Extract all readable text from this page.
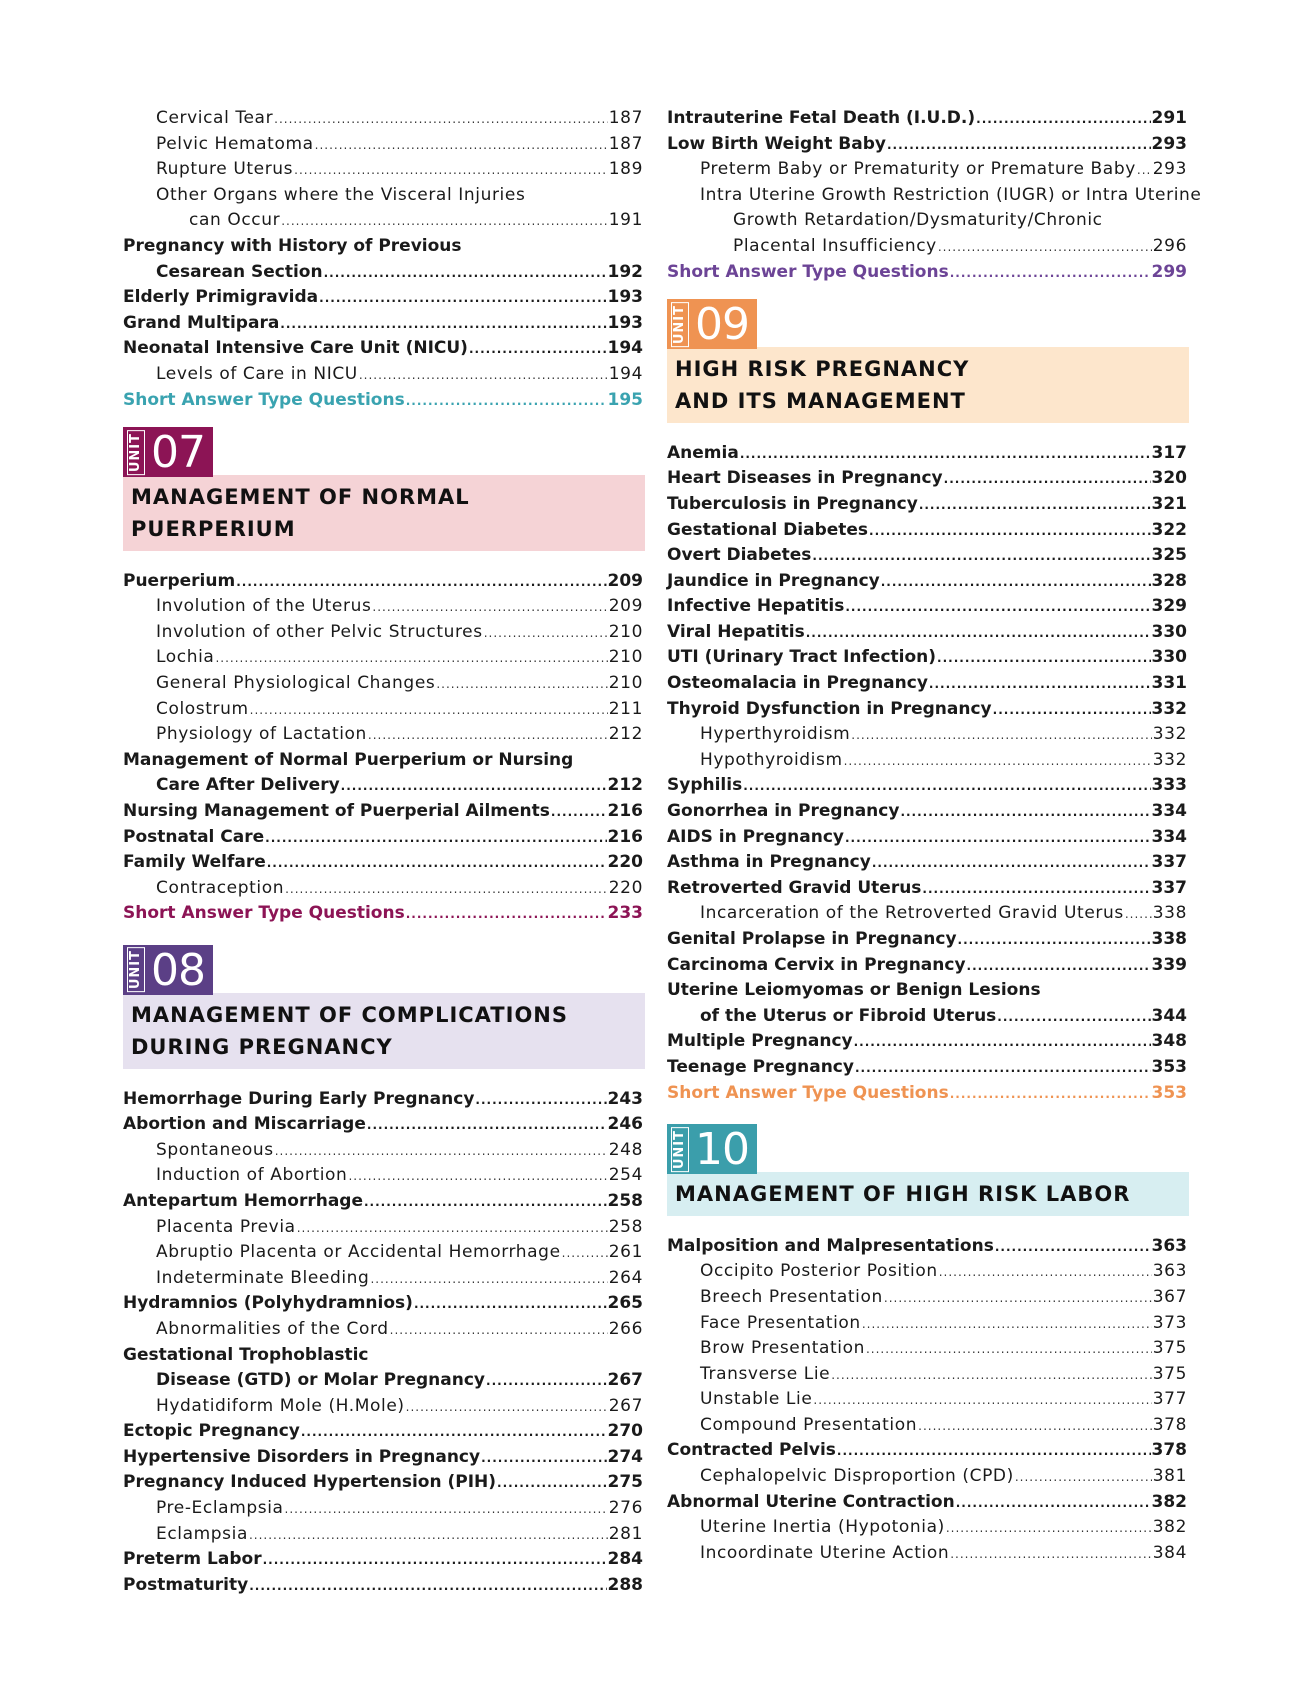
Cervical Tear .....	187
Pelvic Hematoma .....	187
Rupture Uterus .....	189
Other Organs where the Visceral Injuries
can Occur .....	191
Pregnancy with History of Previous
Cesarean Section .....	192
Elderly Primigravida .....	193
Grand Multipara .....	193
Neonatal Intensive Care Unit (NICU) .....	194
Levels of Care in NICU .....	194
Short Answer Type Questions .....	195
UNIT 07
MANAGEMENT OF NORMAL PUERPERIUM
Puerperium .....	209
Involution of the Uterus .....	209
Involution of other Pelvic Structures .....	210
Lochia .....	210
General Physiological Changes .....	210
Colostrum .....	211
Physiology of Lactation .....	212
Management of Normal Puerperium or Nursing
Care After Delivery .....	212
Nursing Management of Puerperial Ailments .....	216
Postnatal Care .....	216
Family Welfare .....	220
Contraception .....	220
Short Answer Type Questions .....	233
UNIT 08
MANAGEMENT OF COMPLICATIONS
DURING PREGNANCY
Hemorrhage During Early Pregnancy .....	243
Abortion and Miscarriage .....	246
Spontaneous .....	248
Induction of Abortion .....	254
Antepartum Hemorrhage .....	258
Placenta Previa .....	258
Abruptio Placenta or Accidental Hemorrhage .....	261
Indeterminate Bleeding .....	264
Hydramnios (Polyhydramnios) .....	265
Abnormalities of the Cord .....	266
Gestational Trophoblastic
Disease (GTD) or Molar Pregnancy .....	267
Hydatidiform Mole (H.Mole) .....	267
Ectopic Pregnancy .....	270
Hypertensive Disorders in Pregnancy .....	274
Pregnancy Induced Hypertension (PIH) .....	275
Pre-Eclampsia .....	276
Eclampsia .....	281
Preterm Labor .....	284
Postmaturity .....	288
Intrauterine Fetal Death (I.U.D.) .....	291
Low Birth Weight Baby .....	293
Preterm Baby or Prematurity or Premature Baby ..... 293
Intra Uterine Growth Restriction (IUGR) or Intra Uterine
Growth Retardation/Dysmaturity/Chronic
Placental Insufficiency .....	296
Short Answer Type Questions .....	299
UNIT 09
HIGH RISK PREGNANCY
AND ITS MANAGEMENT
Anemia .....	317
Heart Diseases in Pregnancy .....	320
Tuberculosis in Pregnancy .....	321
Gestational Diabetes .....	322
Overt Diabetes .....	325
Jaundice in Pregnancy .....	328
Infective Hepatitis .....	329
Viral Hepatitis .....	330
UTI (Urinary Tract Infection) .....	330
Osteomalacia in Pregnancy .....	331
Thyroid Dysfunction in Pregnancy .....	332
Hyperthyroidism .....	332
Hypothyroidism .....	332
Syphilis .....	333
Gonorrhea in Pregnancy .....	334
AIDS in Pregnancy .....	334
Asthma in Pregnancy .....	337
Retroverted Gravid Uterus .....	337
Incarceration of the Retroverted Gravid Uterus ..... 338
Genital Prolapse in Pregnancy .....	338
Carcinoma Cervix in Pregnancy .....	339
Uterine Leiomyomas or Benign Lesions
of the Uterus or Fibroid Uterus .....	344
Multiple Pregnancy .....	348
Teenage Pregnancy .....	353
Short Answer Type Questions .....	353
UNIT 10
MANAGEMENT OF HIGH RISK LABOR
Malposition and Malpresentations .....	363
Occipito Posterior Position .....	363
Breech Presentation .....	367
Face Presentation .....	373
Brow Presentation .....	375
Transverse Lie .....	375
Unstable Lie .....	377
Compound Presentation .....	378
Contracted Pelvis .....	378
Cephalopelvic Disproportion (CPD) .....	381
Abnormal Uterine Contraction .....	382
Uterine Inertia (Hypotonia) .....	382
Incoordinate Uterine Action .....	384
